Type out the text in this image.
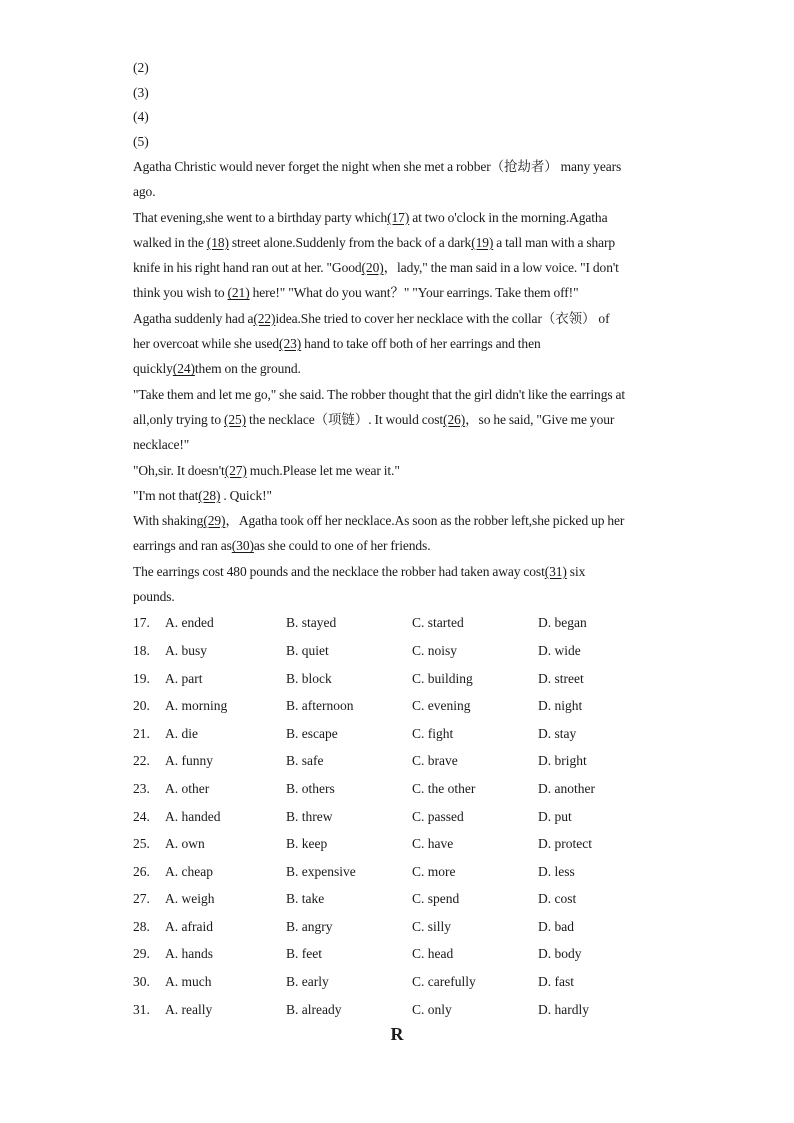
(2)
(3)
(4)
(5)
Agatha Christic would never forget the night when she met a robber（抢劫者） many years
ago.
That evening,she went to a birthday party which(17) at two o'clock in the morning.Agatha
walked in the (18) street alone.Suddenly from the back of a dark(19) a tall man with a sharp
knife in his right hand ran out at her. "Good(20)，lady," the man said in a low voice. "I don't
think you wish to (21) here!" "What do you want？" "Your earrings. Take them off!"
Agatha suddenly had a(22)idea.She tried to cover her necklace with the collar（衣领） of
her overcoat while she used(23) hand to take off both of her earrings and then
quickly(24)them on the ground.
"Take them and let me go," she said. The robber thought that the girl didn't like the earrings at
all,only trying to (25) the necklace（项链）. It would cost(26)，so he said, "Give me your
necklace!"
"Oh,sir. It doesn't(27) much.Please let me wear it."
"I'm not that(28) . Quick!"
With shaking(29)，Agatha took off her necklace.As soon as the robber left,she picked up her
earrings and ran as(30)as she could to one of her friends.
The earrings cost 480 pounds and the necklace the robber had taken away cost(31) six
pounds.
17. A. ended	B. stayed	C. started	D. began
18. A. busy	B. quiet	C. noisy	D. wide
19. A. part	B. block	C. building	D. street
20. A. morning	B. afternoon	C. evening	D. night
21. A. die	B. escape	C. fight	D. stay
22. A. funny	B. safe	C. brave	D. bright
23. A. other	B. others	C. the other	D. another
24. A. handed	B. threw	C. passed	D. put
25. A. own	B. keep	C. have	D. protect
26. A. cheap	B. expensive	C. more	D. less
27. A. weigh	B. take	C. spend	D. cost
28. A. afraid	B. angry	C. silly	D. bad
29. A. hands	B. feet	C. head	D. body
30. A. much	B. early	C. carefully	D. fast
31. A. really	B. already	C. only	D. hardly
R
